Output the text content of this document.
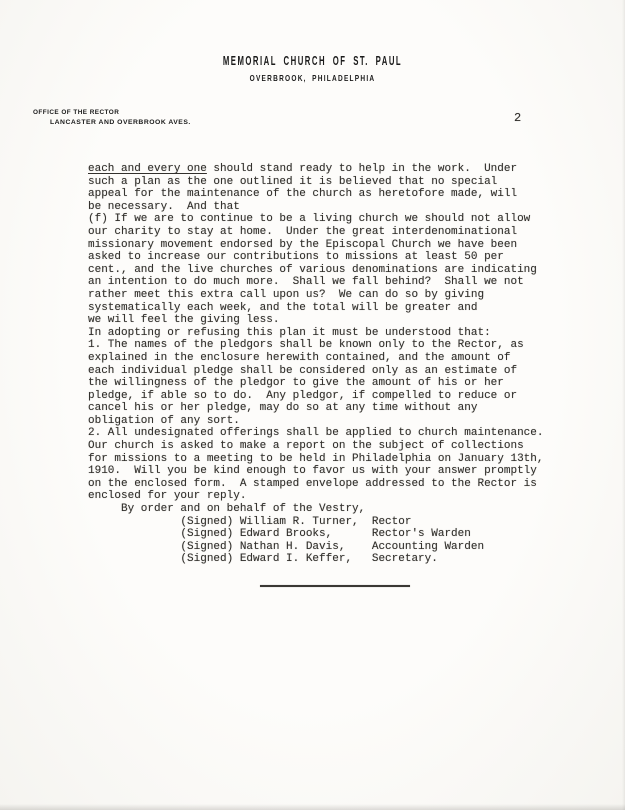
MEMORIAL CHURCH OF ST. PAUL
OVERBROOK, PHILADELPHIA
OFFICE OF THE RECTOR
LANCASTER AND OVERBROOK AVES.	2
each and every one should stand ready to help in the work.  Under
such a plan as the one outlined it is believed that no special
appeal for the maintenance of the church as heretofore made, will
be necessary.  And that
(f) If we are to continue to be a living church we should not allow
our charity to stay at home.  Under the great interdenominational
missionary movement endorsed by the Episcopal Church we have been
asked to increase our contributions to missions at least 50 per
cent., and the live churches of various denominations are indicating
an intention to do much more.  Shall we fall behind?  Shall we not
rather meet this extra call upon us?  We can do so by giving
systematically each week, and the total will be greater and
we will feel the giving less.
In adopting or refusing this plan it must be understood that:
1. The names of the pledgors shall be known only to the Rector, as
explained in the enclosure herewith contained, and the amount of
each individual pledge shall be considered only as an estimate of
the willingness of the pledgor to give the amount of his or her
pledge, if able so to do.  Any pledgor, if compelled to reduce or
cancel his or her pledge, may do so at any time without any
obligation of any sort.
2. All undesignated offerings shall be applied to church maintenance.
Our church is asked to make a report on the subject of collections
for missions to a meeting to be held in Philadelphia on January 13th,
1910.  Will you be kind enough to favor us with your answer promptly
on the enclosed form.  A stamped envelope addressed to the Rector is
enclosed for your reply.
By order and on behalf of the Vestry,
(Signed) William R. Turner,  Rector
(Signed) Edward Brooks,      Rector's Warden
(Signed) Nathan H. Davis,    Accounting Warden
(Signed) Edward I. Keffer,   Secretary.
